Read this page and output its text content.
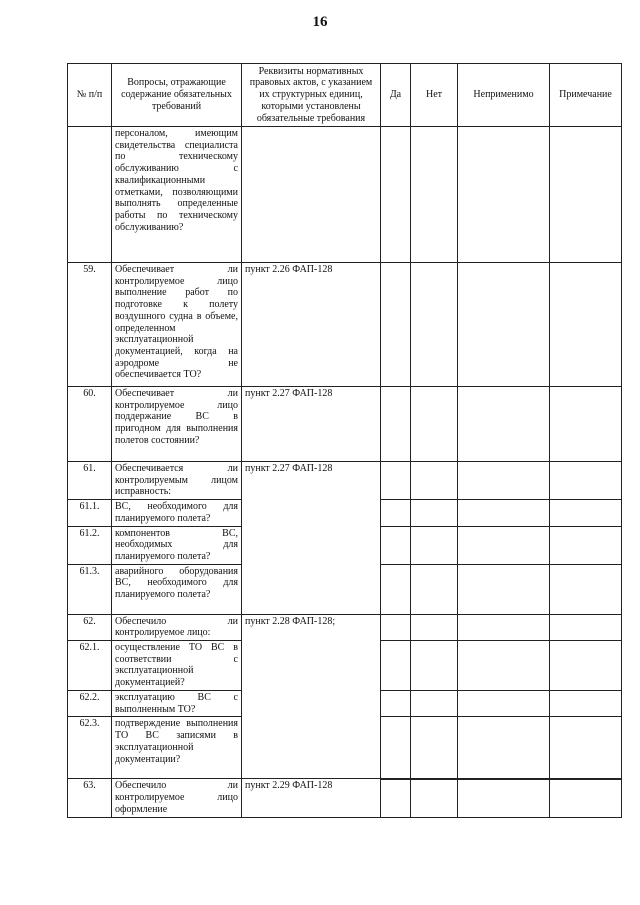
16
№ п/п	Вопросы, отражающие содержание обязательных требований	Реквизиты нормативных правовых актов, с указанием их структурных единиц, которыми установлены обязательные требования	Да	Нет	Неприменимо	Примечание
	персоналом, имеющим свидетельства специалиста по техническому обслуживанию с квалификационными отметками, позволяющими выполнять определенные работы по техническому обслуживанию?					
59.	Обеспечивает ли контролируемое лицо выполнение работ по подготовке к полету воздушного судна в объеме, определенном эксплуатационной документацией, когда на аэродроме не обеспечивается ТО?	пункт 2.26 ФАП-128				
60.	Обеспечивает ли контролируемое лицо поддержание ВС в пригодном для выполнения полетов состоянии?	пункт 2.27 ФАП-128				
61.	Обеспечивается ли контролируемым лицом исправность:	пункт 2.27 ФАП-128				
61.1.	ВС, необходимого для планируемого полета?					
61.2.	компонентов ВС, необходимых для планируемого полета?					
61.3.	аварийного оборудования ВС, необходимого для планируемого полета?					
62.	Обеспечило ли контролируемое лицо:	пункт 2.28 ФАП-128;				
62.1.	осуществление ТО ВС в соответствии с эксплуатационной документацией?					
62.2.	эксплуатацию ВС с выполненным ТО?					
62.3.	подтверждение выполнения ТО ВС записями в эксплуатационной документации?					
63.	Обеспечило ли контролируемое лицо оформление	пункт 2.29 ФАП-128	
